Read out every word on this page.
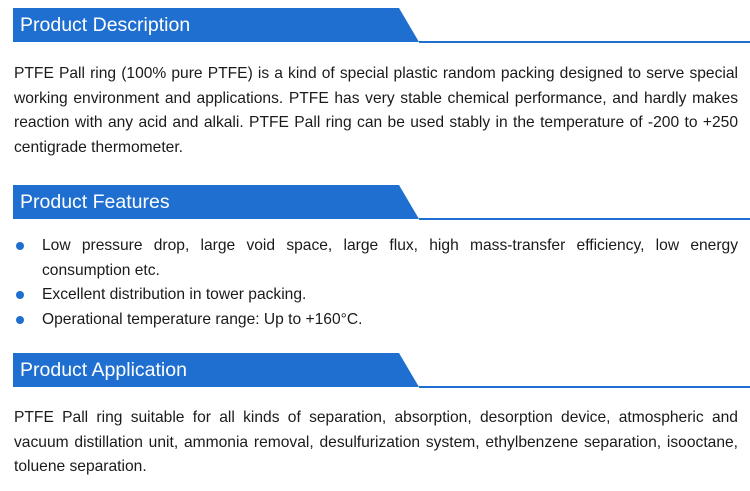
Product Description
PTFE Pall ring (100% pure PTFE) is a kind of special plastic random packing designed to serve special working environment and applications. PTFE has very stable chemical performance, and hardly makes reaction with any acid and alkali. PTFE Pall ring can be used stably in the temperature of -200 to +250 centigrade thermometer.
Product Features
Low pressure drop, large void space, large flux, high mass-transfer efficiency, low energy consumption etc.
Excellent distribution in tower packing.
Operational temperature range: Up to +160°C.
Product Application
PTFE Pall ring suitable for all kinds of separation, absorption, desorption device, atmospheric and vacuum distillation unit, ammonia removal, desulfurization system, ethylbenzene separation, isooctane, toluene separation.
